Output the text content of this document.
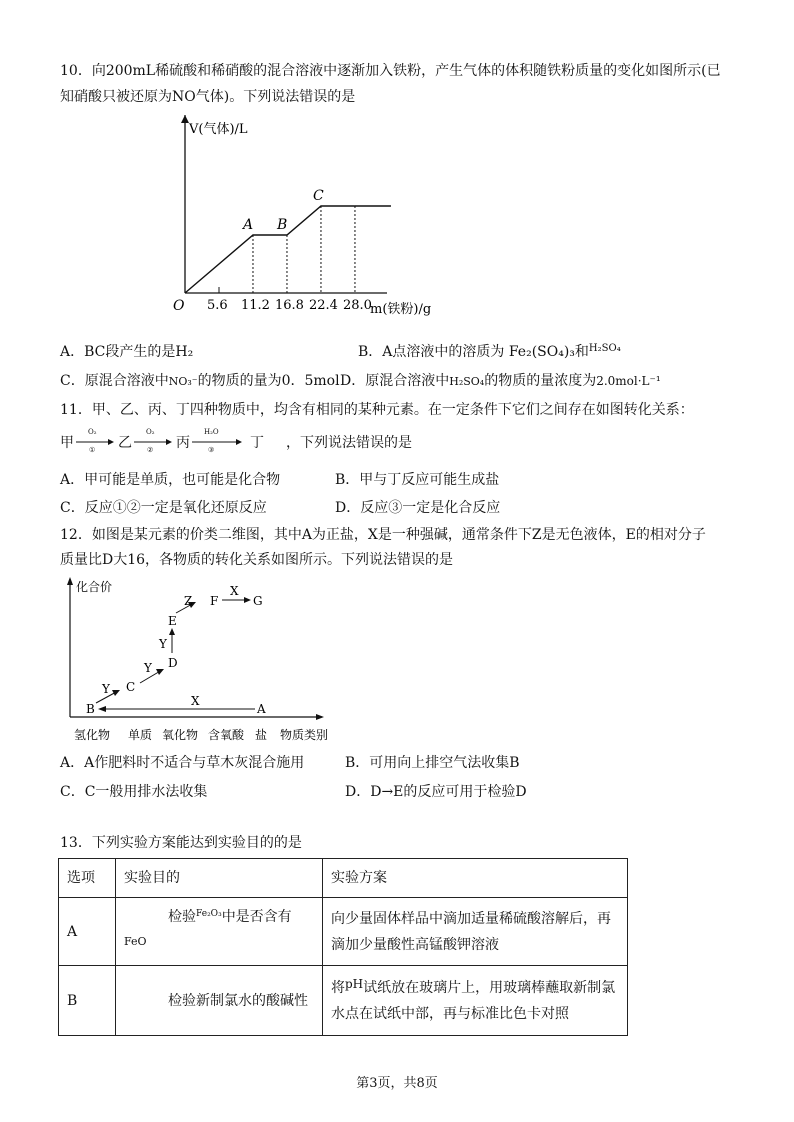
10．向200mL稀硫酸和稀硝酸的混合溶液中逐渐加入铁粉，产生气体的体积随铁粉质量的变化如图所示(已
知硝酸只被还原为NO气体)。下列说法错误的是
V(气体)/L
O	m(铁粉)/g
5.6 11.2 16.8 22.4 28.0
A B
C
A．BC段产生的是H₂	B．A点溶液中的溶质为 Fe₂(SO₄)₃和$^{H_2SO_4}$
C．原混合溶液中NO₃⁻的物质的量为0．5mol D．原混合溶液中H₂SO₄的物质的量浓度为2.0mol·L⁻¹
11．甲、乙、丙、丁四种物质中，均含有相同的某种元素。在一定条件下它们之间存在如图转化关系：
甲
O₂
① 乙
O₂
② 丙
H₂O
③	丁 ，下列说法错误的是
A．甲可能是单质，也可能是化合物	B．甲与丁反应可能生成盐
C．反应①②一定是氧化还原反应	D．反应③一定是化合反应
12．如图是某元素的价类二维图，其中A为正盐，X是一种强碱，通常条件下Z是无色液体，E的相对分子
质量比D大16，各物质的转化关系如图所示。下列说法错误的是
化合价
B	A
X
Y C
Y D
Y
E
Z F
X
G
氢化物 单质 氧化物 含氧酸 盐 物质类别
A．A作肥料时不适合与草木灰混合施用	B．可用向上排空气法收集B
C．C一般用排水法收集	D．D→E的反应可用于检验D
13．下列实验方案能达到实验目的的是
选项	实验目的	实验方案
A	检验$^{Fe_2O_3}$中是否含有$^{FeO}$	向少量固体样品中滴加适量稀硫酸溶解后，再
滴加少量酸性高锰酸钾溶液

B	检验新制氯水的酸碱性	将pH试纸放在玻璃片上，用玻璃棒蘸取新制氯
水点在试纸中部，再与标准比色卡对照
第3页，共8页
